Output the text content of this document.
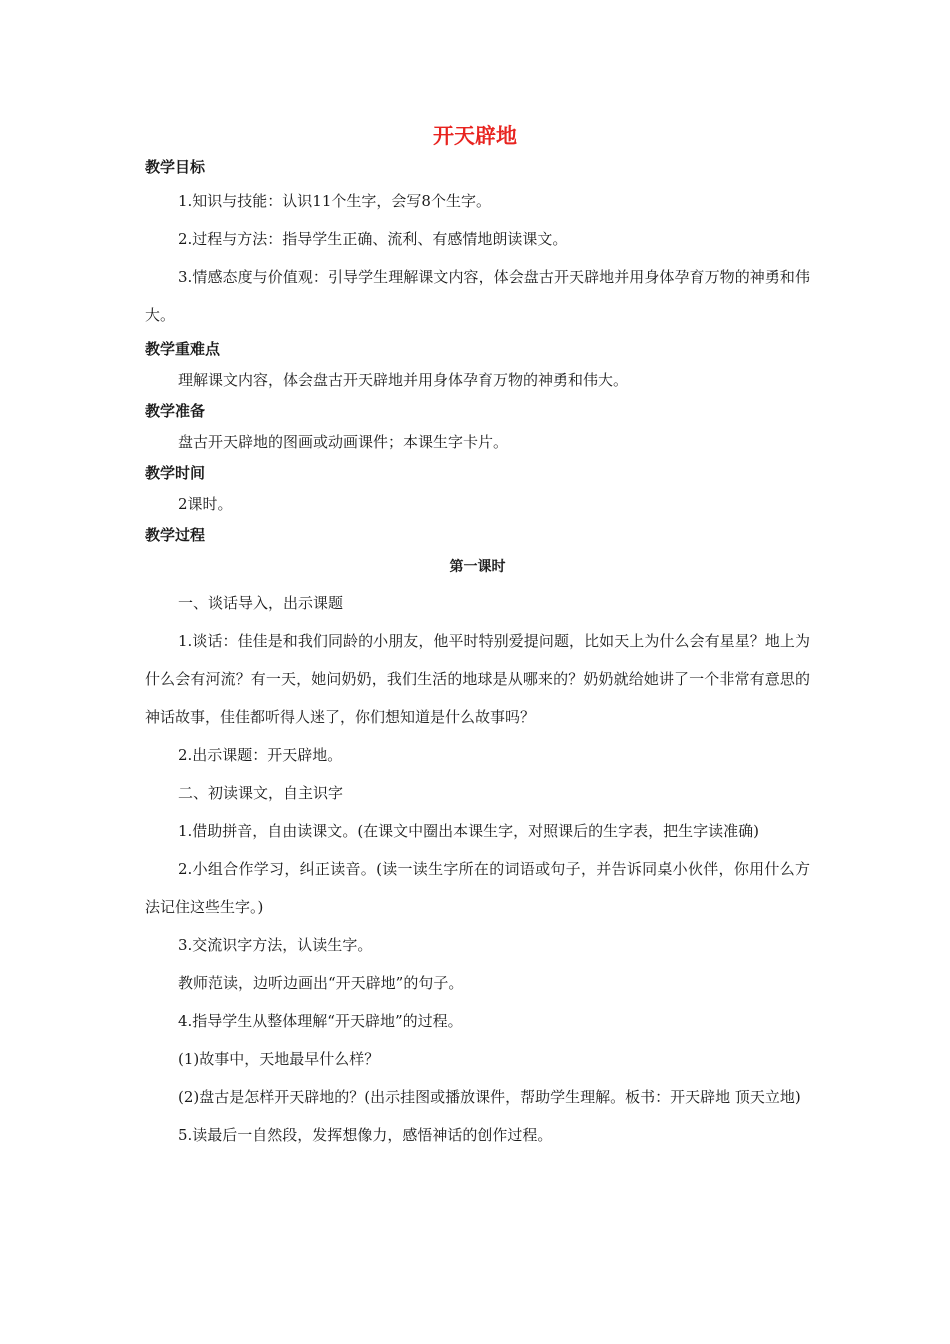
开天辟地

教学目标

1.知识与技能：认识11个生字，会写8个生字。

2.过程与方法：指导学生正确、流利、有感情地朗读课文。

3.情感态度与价值观：引导学生理解课文内容，体会盘古开天辟地并用身体孕育万物的神勇和伟大。

教学重难点

理解课文内容，体会盘古开天辟地并用身体孕育万物的神勇和伟大。

教学准备

盘古开天辟地的图画或动画课件；本课生字卡片。

教学时间

2课时。

教学过程

第一课时

一、谈话导入，出示课题

1.谈话：佳佳是和我们同龄的小朋友，他平时特别爱提问题，比如天上为什么会有星星？地上为什么会有河流？有一天，她问奶奶，我们生活的地球是从哪来的？奶奶就给她讲了一个非常有意思的神话故事，佳佳都听得人迷了，你们想知道是什么故事吗？

2.出示课题：开天辟地。

二、初读课文，自主识字

1.借助拼音，自由读课文。(在课文中圈出本课生字，对照课后的生字表，把生字读准确)

2.小组合作学习，纠正读音。(读一读生字所在的词语或句子，并告诉同桌小伙伴，你用什么方法记住这些生字。)

3.交流识字方法，认读生字。

教师范读，边听边画出“开天辟地”的句子。

4.指导学生从整体理解“开天辟地”的过程。

(1)故事中，天地最早什么样？

(2)盘古是怎样开天辟地的？(出示挂图或播放课件，帮助学生理解。板书：开天辟地 顶天立地)

5.读最后一自然段，发挥想像力，感悟神话的创作过程。
